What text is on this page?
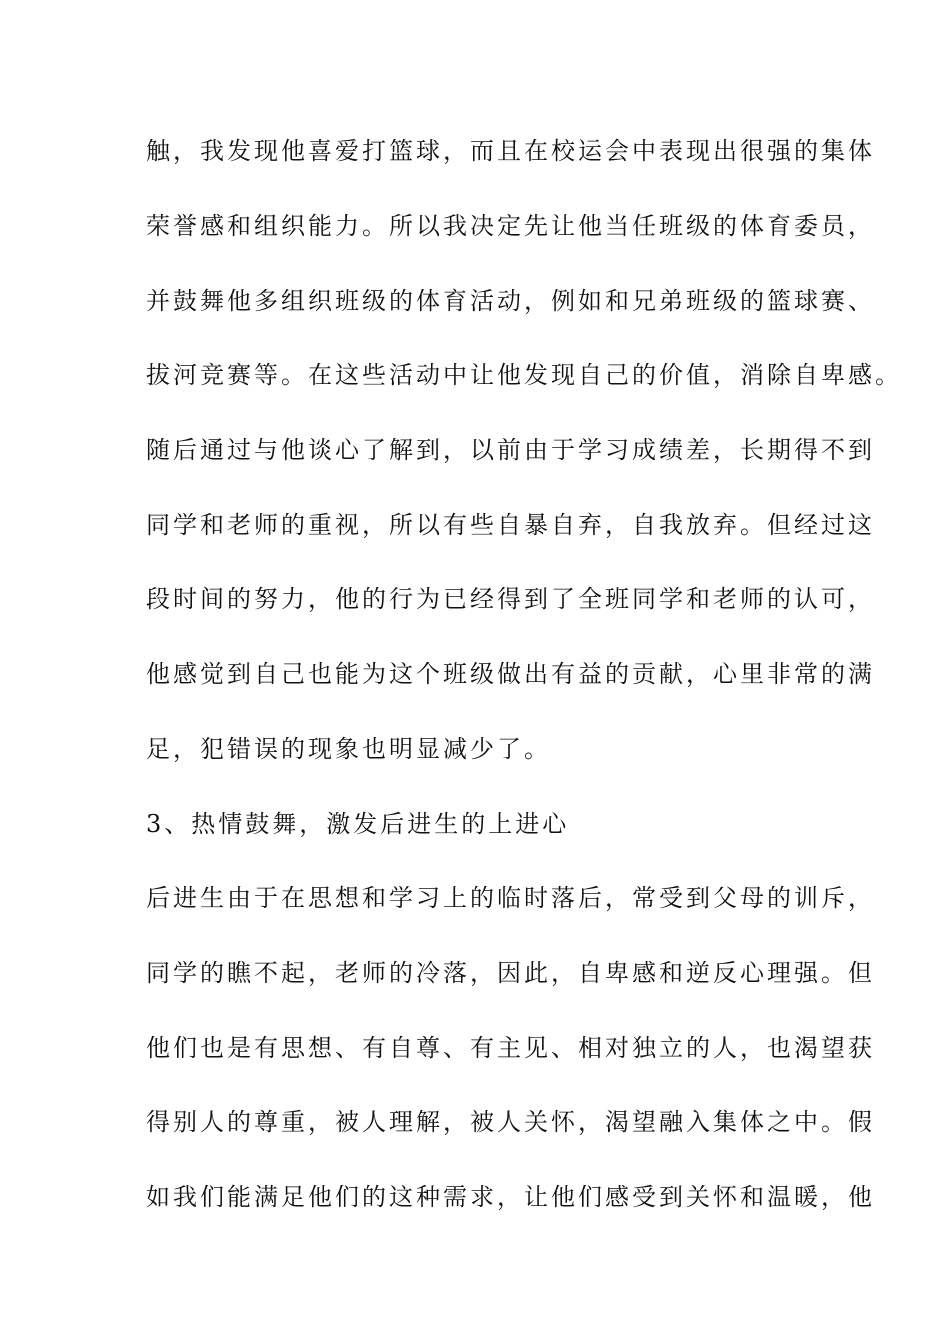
触，我发现他喜爱打篮球，而且在校运会中表现出很强的集体
荣誉感和组织能力。所以我决定先让他当任班级的体育委员，
并鼓舞他多组织班级的体育活动，例如和兄弟班级的篮球赛、
拔河竞赛等。在这些活动中让他发现自己的价值，消除自卑感。
随后通过与他谈心了解到，以前由于学习成绩差，长期得不到
同学和老师的重视，所以有些自暴自弃，自我放弃。但经过这
段时间的努力，他的行为已经得到了全班同学和老师的认可，
他感觉到自己也能为这个班级做出有益的贡献，心里非常的满
足，犯错误的现象也明显减少了。
3、热情鼓舞，激发后进生的上进心
后进生由于在思想和学习上的临时落后，常受到父母的训斥，
同学的瞧不起，老师的冷落，因此，自卑感和逆反心理强。但
他们也是有思想、有自尊、有主见、相对独立的人，也渴望获
得别人的尊重，被人理解，被人关怀，渴望融入集体之中。假
如我们能满足他们的这种需求，让他们感受到关怀和温暖，他
